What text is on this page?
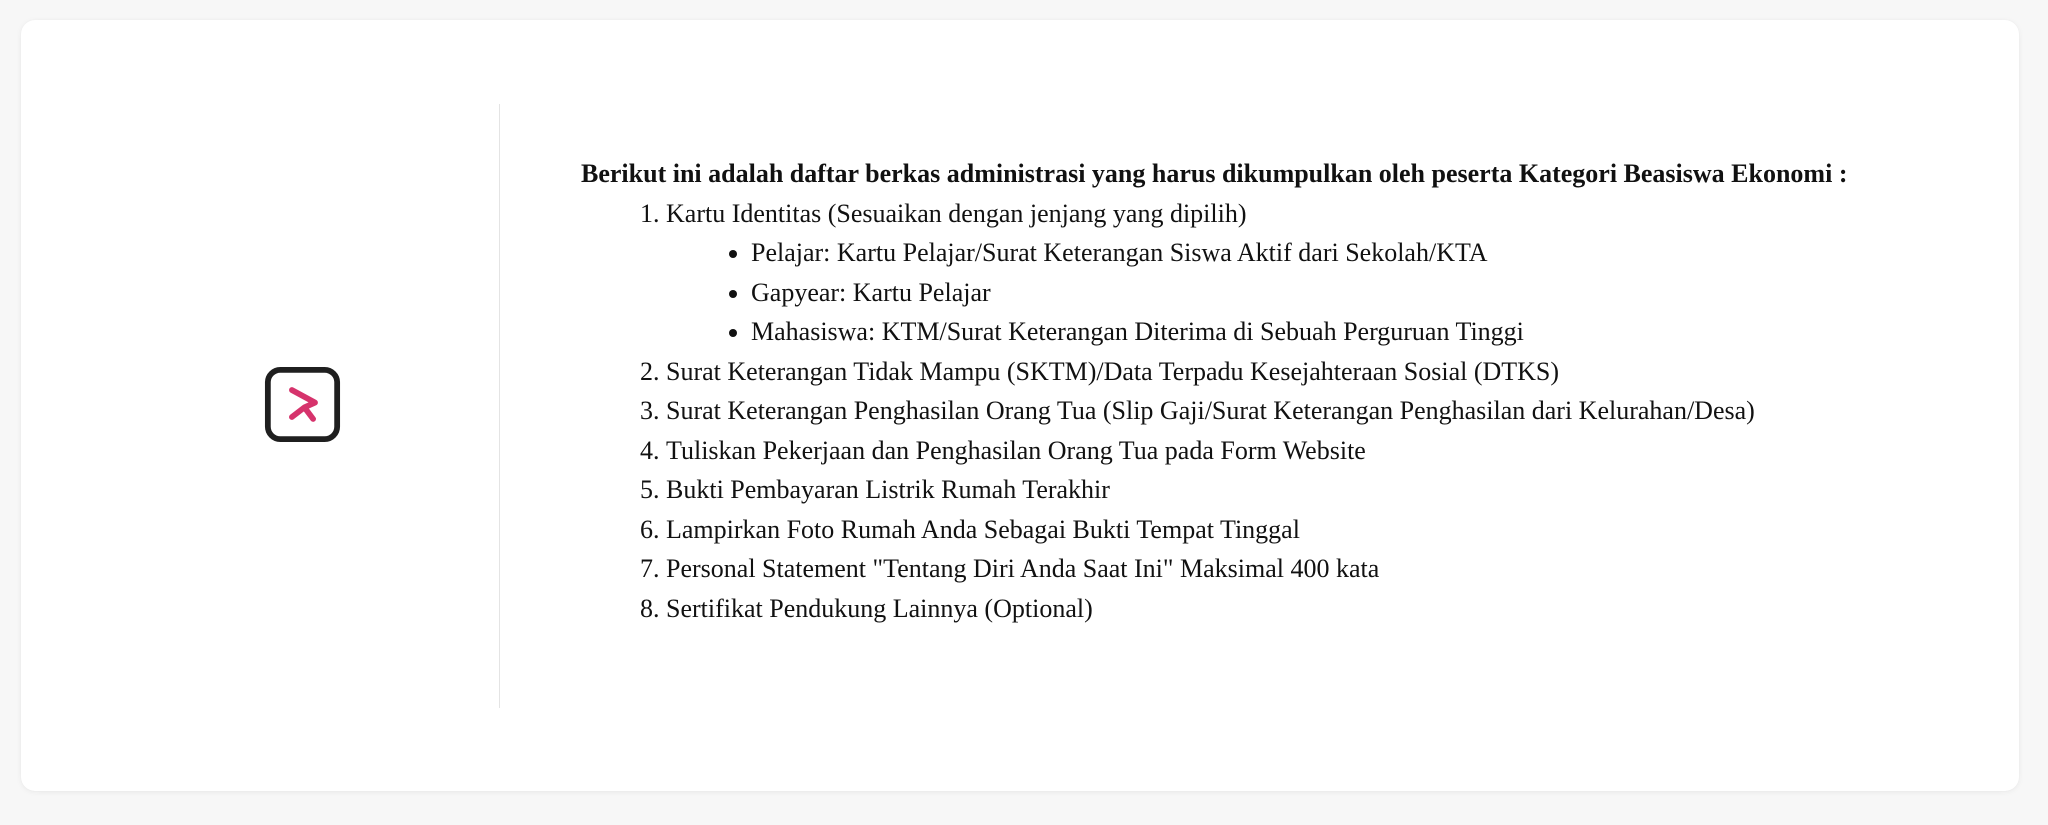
Berikut ini adalah daftar berkas administrasi yang harus dikumpulkan oleh peserta Kategori Beasiswa Ekonomi :

1. Kartu Identitas (Sesuaikan dengan jenjang yang dipilih)
• Pelajar: Kartu Pelajar/Surat Keterangan Siswa Aktif dari Sekolah/KTA
• Gapyear: Kartu Pelajar
• Mahasiswa: KTM/Surat Keterangan Diterima di Sebuah Perguruan Tinggi
2. Surat Keterangan Tidak Mampu (SKTM)/Data Terpadu Kesejahteraan Sosial (DTKS)
3. Surat Keterangan Penghasilan Orang Tua (Slip Gaji/Surat Keterangan Penghasilan dari Kelurahan/Desa)
4. Tuliskan Pekerjaan dan Penghasilan Orang Tua pada Form Website
5. Bukti Pembayaran Listrik Rumah Terakhir
6. Lampirkan Foto Rumah Anda Sebagai Bukti Tempat Tinggal
7. Personal Statement "Tentang Diri Anda Saat Ini" Maksimal 400 kata
8. Sertifikat Pendukung Lainnya (Optional)
